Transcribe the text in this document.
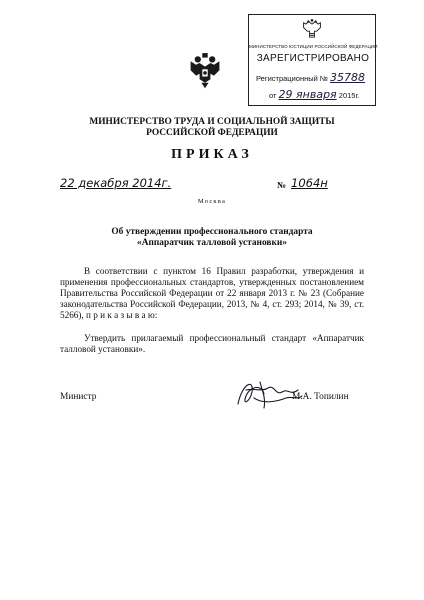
МИНИСТЕРСТВО ЮСТИЦИИ РОССИЙСКОЙ ФЕДЕРАЦИИ
ЗАРЕГИСТРИРОВАНО
Регистрационный № 35788
от 29 января 2015г.
МИНИСТЕРСТВО ТРУДА И СОЦИАЛЬНОЙ ЗАЩИТЫ
РОССИЙСКОЙ ФЕДЕРАЦИИ
ПРИКАЗ
22 декабря 2014г.	№ 1064н
Москва
Об утверждении профессионального стандарта
«Аппаратчик талловой установки»
В соответствии с пунктом 16 Правил разработки, утверждения и применения профессиональных стандартов, утвержденных постановлением Правительства Российской Федерации от 22 января 2013 г. № 23 (Собрание законодательства Российской Федерации, 2013, № 4, ст. 293; 2014, № 39, ст. 5266), п р и к а з ы в а ю:
Утвердить прилагаемый профессиональный стандарт «Аппаратчик талловой установки».
Министр	М.А. Топилин
